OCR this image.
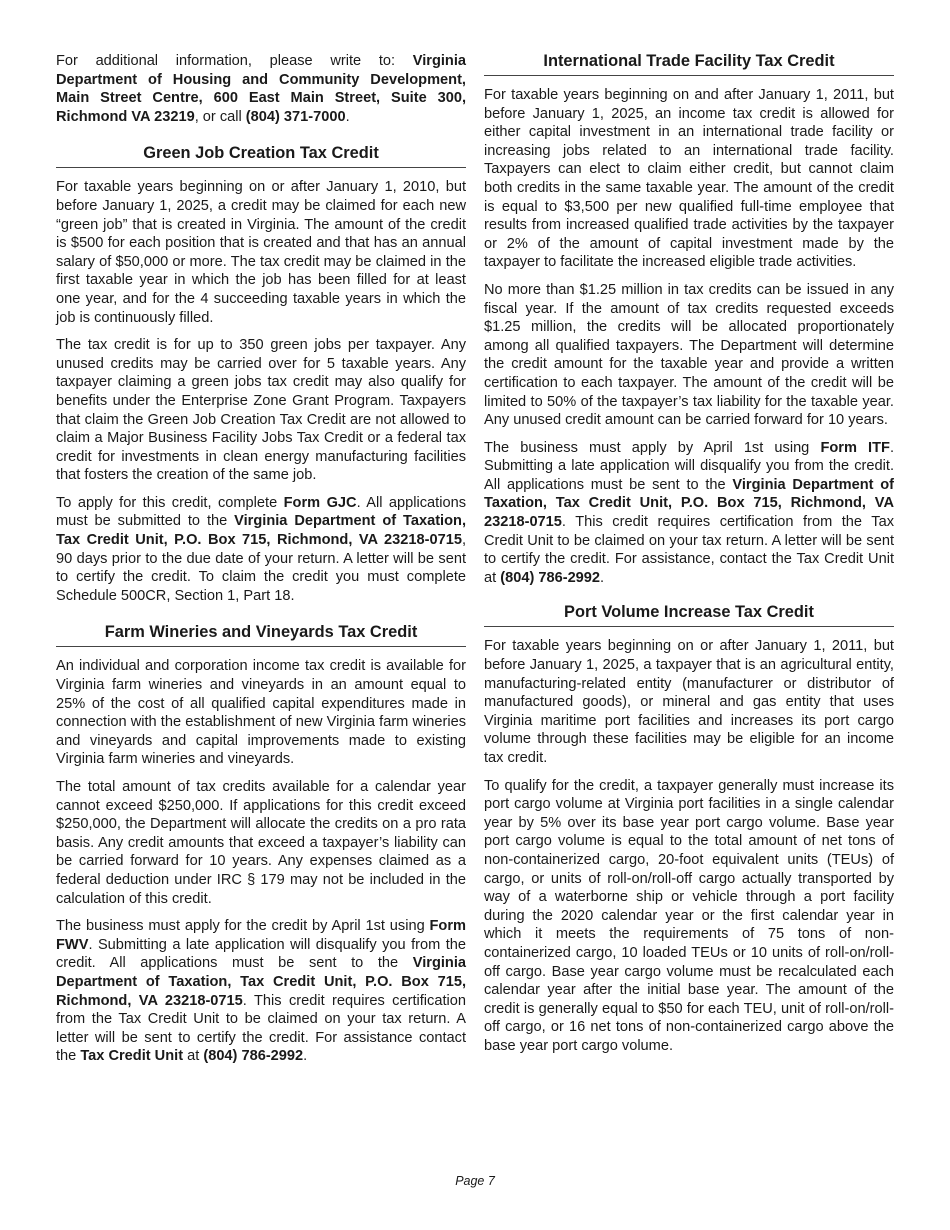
For additional information, please write to: Virginia Department of Housing and Community Development, Main Street Centre, 600 East Main Street, Suite 300, Richmond VA 23219, or call (804) 371-7000.

Green Job Creation Tax Credit

For taxable years beginning on or after January 1, 2010, but before January 1, 2025, a credit may be claimed for each new “green job” that is created in Virginia. The amount of the credit is $500 for each position that is created and that has an annual salary of $50,000 or more. The tax credit may be claimed in the first taxable year in which the job has been filled for at least one year, and for the 4 succeeding taxable years in which the job is continuously filled.

The tax credit is for up to 350 green jobs per taxpayer. Any unused credits may be carried over for 5 taxable years. Any taxpayer claiming a green jobs tax credit may also qualify for benefits under the Enterprise Zone Grant Program. Taxpayers that claim the Green Job Creation Tax Credit are not allowed to claim a Major Business Facility Jobs Tax Credit or a federal tax credit for investments in clean energy manufacturing facilities that fosters the creation of the same job.

To apply for this credit, complete Form GJC. All applications must be submitted to the Virginia Department of Taxation, Tax Credit Unit, P.O. Box 715, Richmond, VA 23218-0715, 90 days prior to the due date of your return. A letter will be sent to certify the credit. To claim the credit you must complete Schedule 500CR, Section 1, Part 18.

Farm Wineries and Vineyards Tax Credit

An individual and corporation income tax credit is available for Virginia farm wineries and vineyards in an amount equal to 25% of the cost of all qualified capital expenditures made in connection with the establishment of new Virginia farm wineries and vineyards and capital improvements made to existing Virginia farm wineries and vineyards.

The total amount of tax credits available for a calendar year cannot exceed $250,000. If applications for this credit exceed $250,000, the Department will allocate the credits on a pro rata basis. Any credit amounts that exceed a taxpayer’s liability can be carried forward for 10 years. Any expenses claimed as a federal deduction under IRC § 179 may not be included in the calculation of this credit.

The business must apply for the credit by April 1st using Form FWV. Submitting a late application will disqualify you from the credit. All applications must be sent to the Virginia Department of Taxation, Tax Credit Unit, P.O. Box 715, Richmond, VA 23218-0715. This credit requires certification from the Tax Credit Unit to be claimed on your tax return. A letter will be sent to certify the credit. For assistance contact the Tax Credit Unit at (804) 786-2992.

International Trade Facility Tax Credit

For taxable years beginning on and after January 1, 2011, but before January 1, 2025, an income tax credit is allowed for either capital investment in an international trade facility or increasing jobs related to an international trade facility. Taxpayers can elect to claim either credit, but cannot claim both credits in the same taxable year. The amount of the credit is equal to $3,500 per new qualified full-time employee that results from increased qualified trade activities by the taxpayer or 2% of the amount of capital investment made by the taxpayer to facilitate the increased eligible trade activities.

No more than $1.25 million in tax credits can be issued in any fiscal year. If the amount of tax credits requested exceeds $1.25 million, the credits will be allocated proportionately among all qualified taxpayers. The Department will determine the credit amount for the taxable year and provide a written certification to each taxpayer. The amount of the credit will be limited to 50% of the taxpayer’s tax liability for the taxable year. Any unused credit amount can be carried forward for 10 years.

The business must apply by April 1st using Form ITF. Submitting a late application will disqualify you from the credit. All applications must be sent to the Virginia Department of Taxation, Tax Credit Unit, P.O. Box 715, Richmond, VA 23218-0715. This credit requires certification from the Tax Credit Unit to be claimed on your tax return. A letter will be sent to certify the credit. For assistance, contact the Tax Credit Unit at (804) 786-2992.

Port Volume Increase Tax Credit

For taxable years beginning on or after January 1, 2011, but before January 1, 2025, a taxpayer that is an agricultural entity, manufacturing-related entity (manufacturer or distributor of manufactured goods), or mineral and gas entity that uses Virginia maritime port facilities and increases its port cargo volume through these facilities may be eligible for an income tax credit.

To qualify for the credit, a taxpayer generally must increase its port cargo volume at Virginia port facilities in a single calendar year by 5% over its base year port cargo volume. Base year port cargo volume is equal to the total amount of net tons of non-containerized cargo, 20-foot equivalent units (TEUs) of cargo, or units of roll-on/roll-off cargo actually transported by way of a waterborne ship or vehicle through a port facility during the 2020 calendar year or the first calendar year in which it meets the requirements of 75 tons of non-containerized cargo, 10 loaded TEUs or 10 units of roll-on/roll-off cargo. Base year cargo volume must be recalculated each calendar year after the initial base year. The amount of the credit is generally equal to $50 for each TEU, unit of roll-on/roll-off cargo, or 16 net tons of non-containerized cargo above the base year port cargo volume.

Page 7
